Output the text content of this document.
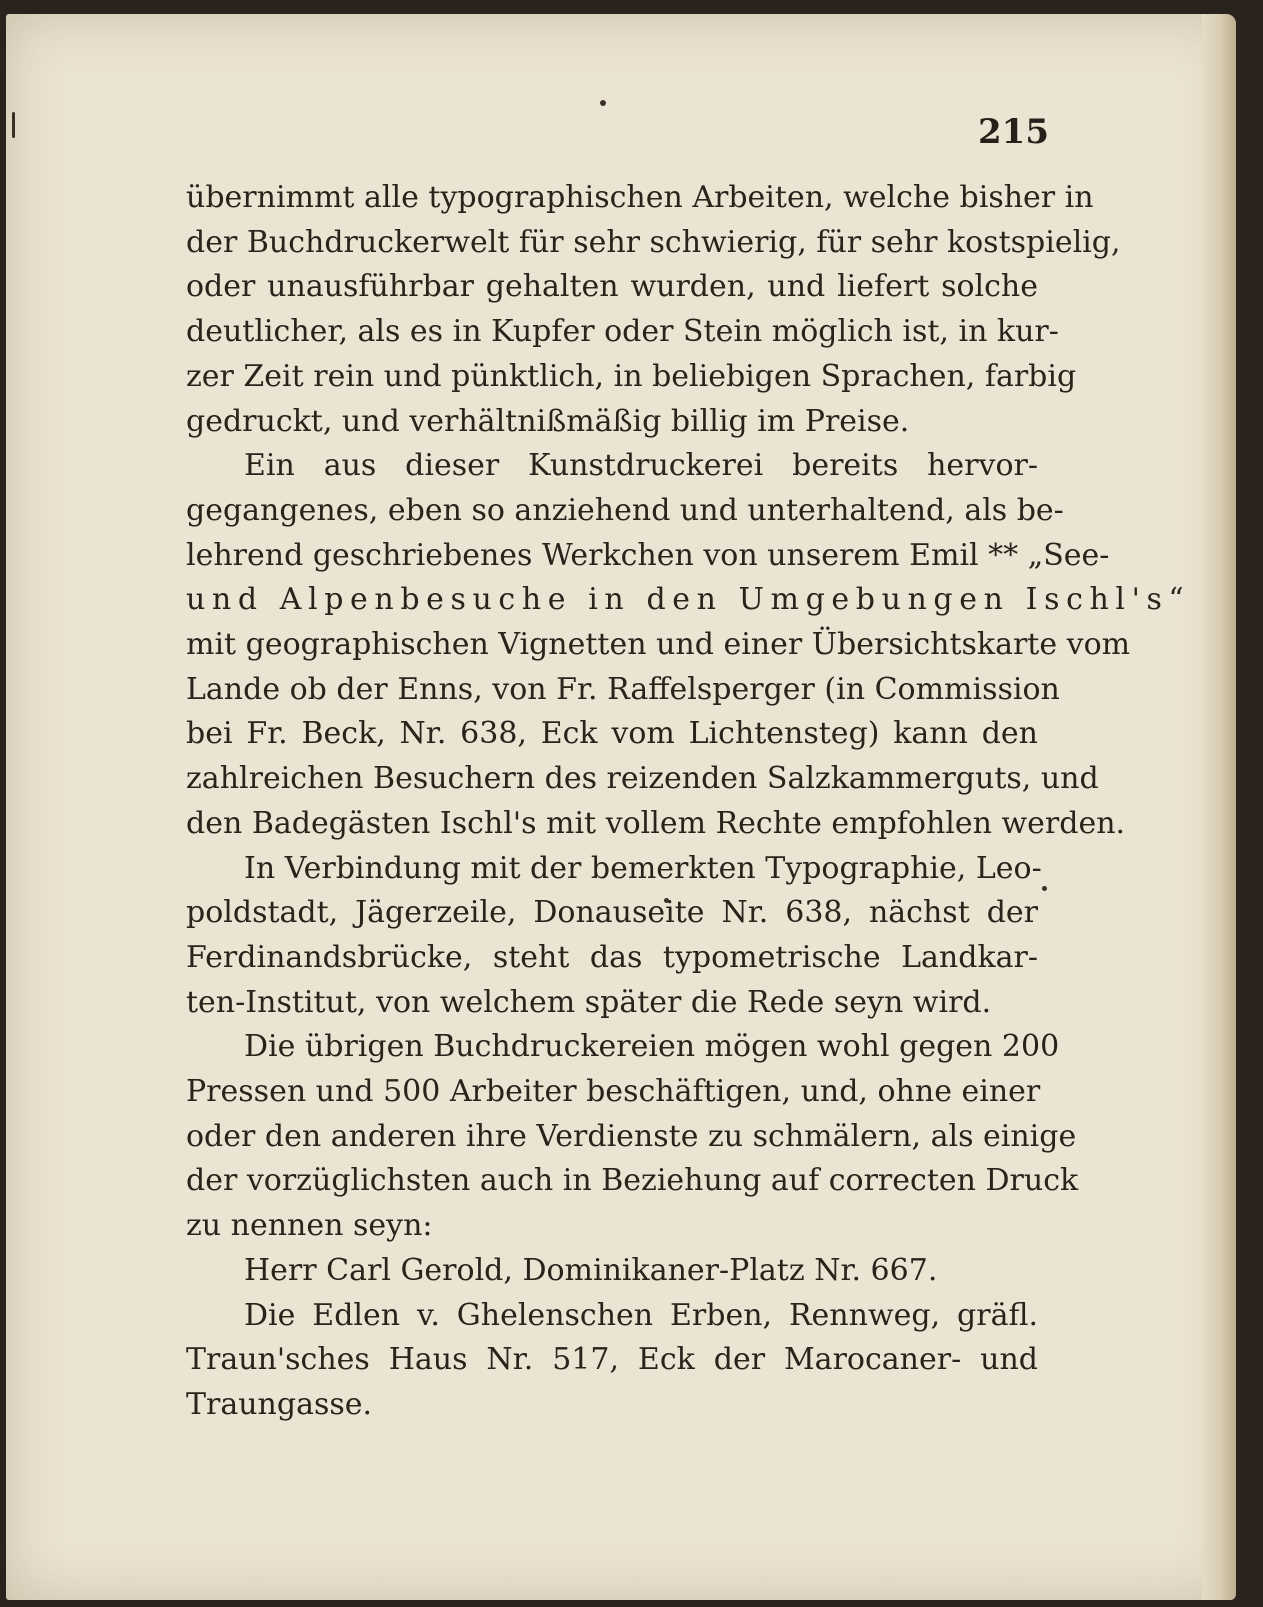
215

übernimmt alle typographischen Arbeiten, welche bisher in
der Buchdruckerwelt für sehr schwierig, für sehr kostspielig,
oder unausführbar gehalten wurden, und liefert solche
deutlicher, als es in Kupfer oder Stein möglich ist, in kur-
zer Zeit rein und pünktlich, in beliebigen Sprachen, farbig
gedruckt, und verhältnißmäßig billig im Preise.

Ein aus dieser Kunstdruckerei bereits hervor-
gegangenes, eben so anziehend und unterhaltend, als be-
lehrend geschriebenes Werkchen von unserem Emil ** „See-
und Alpenbesuche in den Umgebungen Ischl's“
mit geographischen Vignetten und einer Übersichtskarte vom
Lande ob der Enns, von Fr. Raffelsperger (in Commission
bei Fr. Beck, Nr. 638, Eck vom Lichtensteg) kann den
zahlreichen Besuchern des reizenden Salzkammerguts, und
den Badegästen Ischl's mit vollem Rechte empfohlen werden.

In Verbindung mit der bemerkten Typographie, Leo-
poldstadt, Jägerzeile, Donauseite Nr. 638, nächst der
Ferdinandsbrücke, steht das typometrische Landkar-
ten-Institut, von welchem später die Rede seyn wird.

Die übrigen Buchdruckereien mögen wohl gegen 200
Pressen und 500 Arbeiter beschäftigen, und, ohne einer
oder den anderen ihre Verdienste zu schmälern, als einige
der vorzüglichsten auch in Beziehung auf correcten Druck
zu nennen seyn:

Herr Carl Gerold, Dominikaner-Platz Nr. 667.

Die Edlen v. Ghelenschen Erben, Rennweg, gräfl.
Traun'sches Haus Nr. 517, Eck der Marocaner- und
Traungasse.
